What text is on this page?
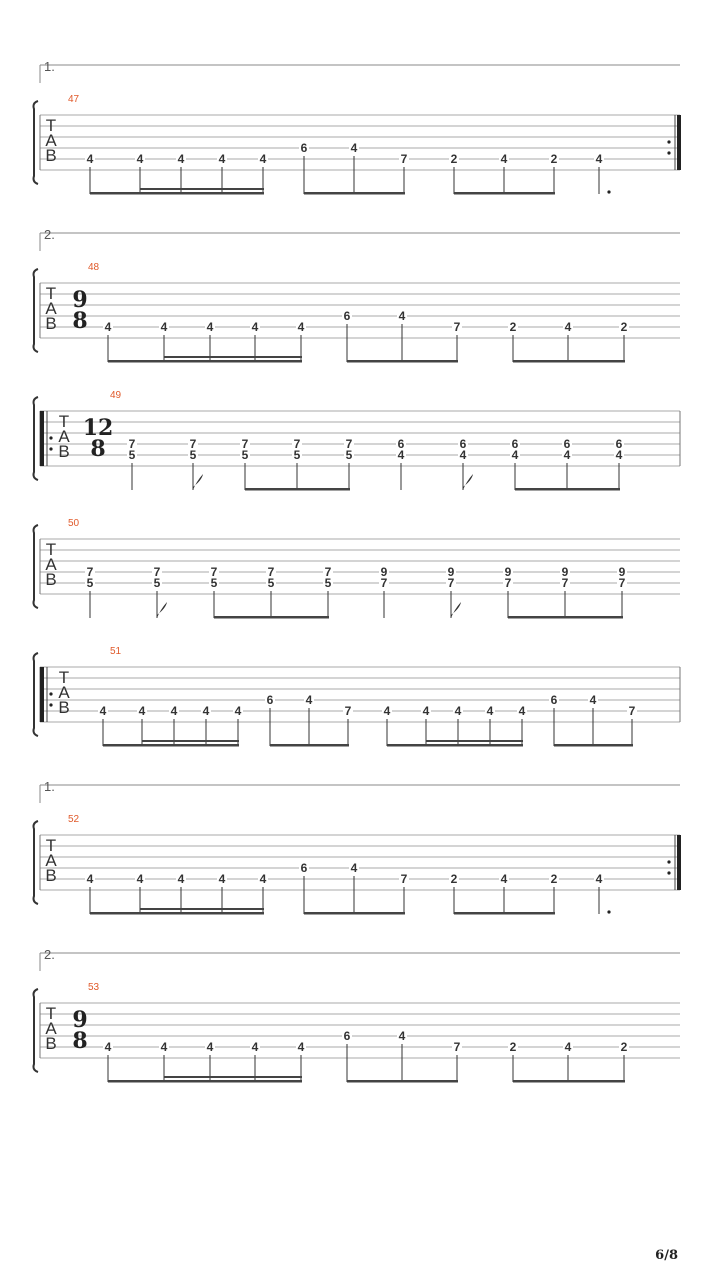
1.
47
T
A
B 4	4	4	4	4
6	4
7	2	4	2	4
2.
48
T
A
B
9
8 4	4	4	4	4
6	4
7	2	4	2
49
T
A
B
12
8 7
5
7
5
7
5
7
5
7
5
6
4
6
4
6
4
6
4
6
4
50
T
A
B 7
5
7
5
7
5
7
5
7
5
9
7
9
7
9
7
9
7
9
7
51
T
A
B 4	4 4 4 4
6	4
7	4	4 4 4 4
6	4
7
1.
52
T
A
B 4	4	4	4	4
6	4
7	2	4	2	4
2.
53
T
A
B
9
8 4	4	4	4	4
6	4
7	2	4	2
6/8
